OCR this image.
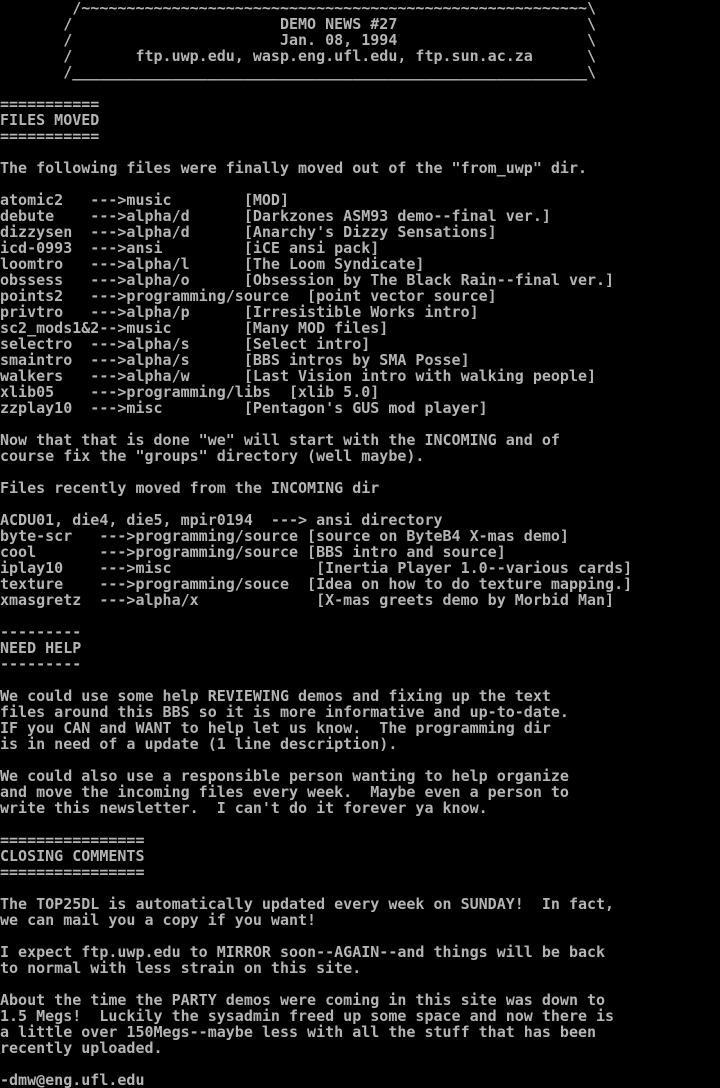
/~~~~~~~~~~~~~~~~~~~~~~~~~~~~~~~~~~~~~~~~~~~~~~~~~~~~~~~~\
/                       DEMO NEWS #27                     \
/                       Jan. 08, 1994                     \
/       ftp.uwp.edu, wasp.eng.ufl.edu, ftp.sun.ac.za      \
/_________________________________________________________\
===========
FILES MOVED
===========
The following files were finally moved out of the "from_uwp" dir.
atomic2   --->music        [MOD]
debute    --->alpha/d      [Darkzones ASM93 demo--final ver.]
dizzysen  --->alpha/d      [Anarchy's Dizzy Sensations]
icd-0993  --->ansi         [iCE ansi pack]
loomtro   --->alpha/l      [The Loom Syndicate]
obssess   --->alpha/o      [Obsession by The Black Rain--final ver.]
points2   --->programming/source  [point vector source]
privtro   --->alpha/p      [Irresistible Works intro]
sc2_mods1&2-->music        [Many MOD files]
selectro  --->alpha/s      [Select intro]
smaintro  --->alpha/s      [BBS intros by SMA Posse]
walkers   --->alpha/w      [Last Vision intro with walking people]
xlib05    --->programming/libs  [xlib 5.0]
zzplay10  --->misc         [Pentagon's GUS mod player]
Now that that is done "we" will start with the INCOMING and of
course fix the "groups" directory (well maybe).
Files recently moved from the INCOMING dir
ACDU01, die4, die5, mpir0194  ---> ansi directory
byte-scr   --->programming/source [source on ByteB4 X-mas demo]
cool       --->programming/source [BBS intro and source]
iplay10    --->misc                [Inertia Player 1.0--various cards]
texture    --->programming/souce  [Idea on how to do texture mapping.]
xmasgretz  --->alpha/x             [X-mas greets demo by Morbid Man]
---------
NEED HELP
---------
We could use some help REVIEWING demos and fixing up the text
files around this BBS so it is more informative and up-to-date.
IF you CAN and WANT to help let us know.  The programming dir
is in need of a update (1 line description).
We could also use a responsible person wanting to help organize
and move the incoming files every week.  Maybe even a person to
write this newsletter.  I can't do it forever ya know.
================
CLOSING COMMENTS
================
The TOP25DL is automatically updated every week on SUNDAY!  In fact,
we can mail you a copy if you want!
I expect ftp.uwp.edu to MIRROR soon--AGAIN--and things will be back
to normal with less strain on this site.
About the time the PARTY demos were coming in this site was down to
1.5 Megs!  Luckily the sysadmin freed up some space and now there is
a little over 150Megs--maybe less with all the stuff that has been
recently uploaded.
-dmw@eng.ufl.edu
